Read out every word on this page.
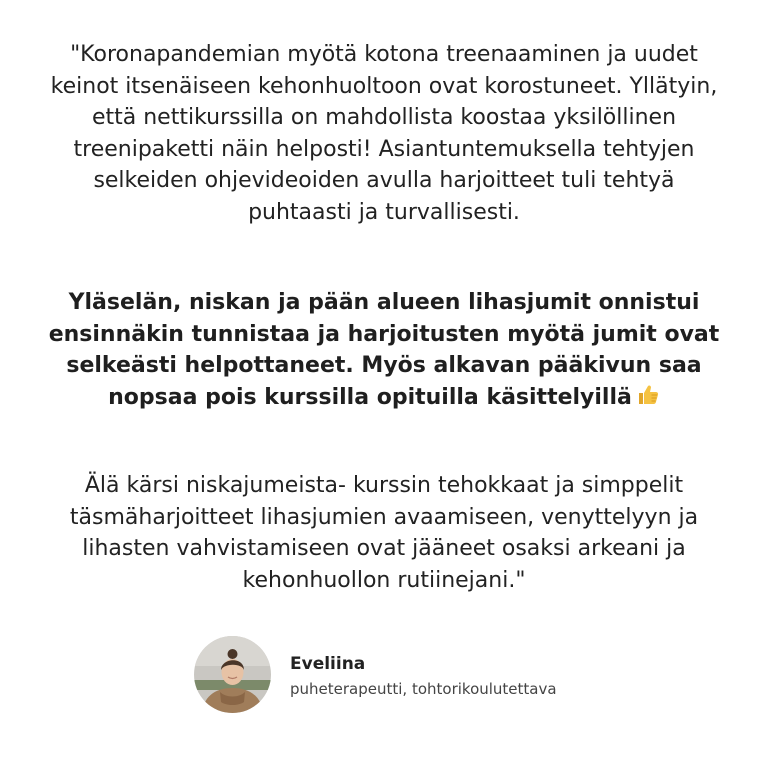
"Koronapandemian myötä kotona treenaaminen ja uudet
keinot itsenäiseen kehonhuoltoon ovat korostuneet. Yllätyin,
että nettikurssilla on mahdollista koostaa yksilöllinen
treenipaketti näin helposti! Asiantuntemuksella tehtyjen
selkeiden ohjevideoiden avulla harjoitteet tuli tehtyä
puhtaasti ja turvallisesti.

Yläselän, niskan ja pään alueen lihasjumit onnistui
ensinnäkin tunnistaa ja harjoitusten myötä jumit ovat
selkeästi helpottaneet. Myös alkavan pääkivun saa
nopsaa pois kurssilla opituilla käsittelyillä

Älä kärsi niskajumeista- kurssin tehokkaat ja simppelit
täsmäharjoitteet lihasjumien avaamiseen, venyttelyyn ja
lihasten vahvistamiseen ovat jääneet osaksi arkeani ja
kehonhuollon rutiinejani."

Eveliina
puheterapeutti, tohtorikoulutettava
